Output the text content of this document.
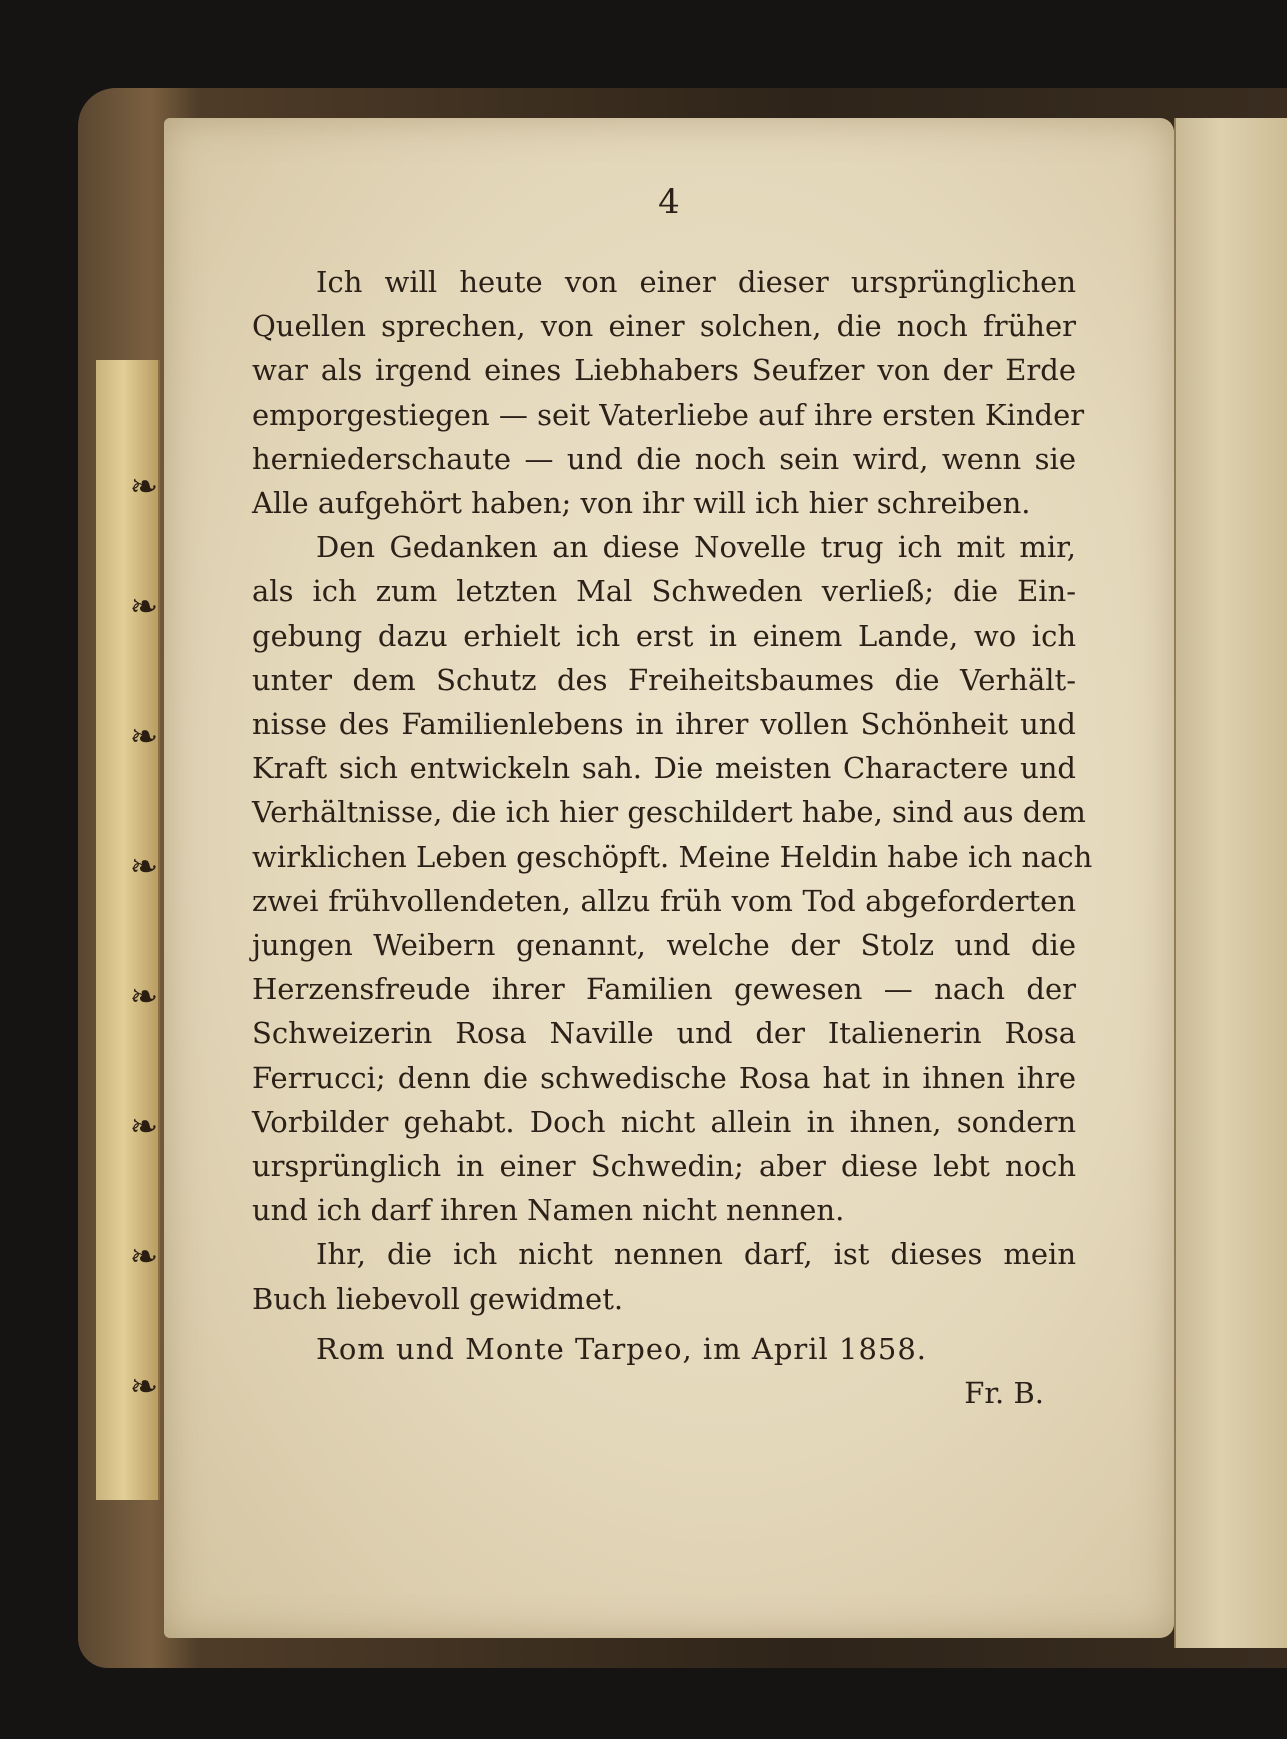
❧
❧
❧
❧
❧
❧
❧
❧
4
Ich will heute von einer dieser ursprünglichen
Quellen sprechen, von einer solchen, die noch früher
war als irgend eines Liebhabers Seufzer von der Erde
emporgestiegen — seit Vaterliebe auf ihre ersten Kinder
herniederschaute — und die noch sein wird, wenn sie
Alle aufgehört haben; von ihr will ich hier schreiben.
Den Gedanken an diese Novelle trug ich mit mir,
als ich zum letzten Mal Schweden verließ; die Ein-
gebung dazu erhielt ich erst in einem Lande, wo ich
unter dem Schutz des Freiheitsbaumes die Verhält-
nisse des Familienlebens in ihrer vollen Schönheit und
Kraft sich entwickeln sah. Die meisten Charactere und
Verhältnisse, die ich hier geschildert habe, sind aus dem
wirklichen Leben geschöpft. Meine Heldin habe ich nach
zwei frühvollendeten, allzu früh vom Tod abgeforderten
jungen Weibern genannt, welche der Stolz und die
Herzensfreude ihrer Familien gewesen — nach der
Schweizerin Rosa Naville und der Italienerin Rosa
Ferrucci; denn die schwedische Rosa hat in ihnen ihre
Vorbilder gehabt. Doch nicht allein in ihnen, sondern
ursprünglich in einer Schwedin; aber diese lebt noch
und ich darf ihren Namen nicht nennen.
Ihr, die ich nicht nennen darf, ist dieses mein
Buch liebevoll gewidmet.
Rom und Monte Tarpeo, im April 1858.
Fr. B.
